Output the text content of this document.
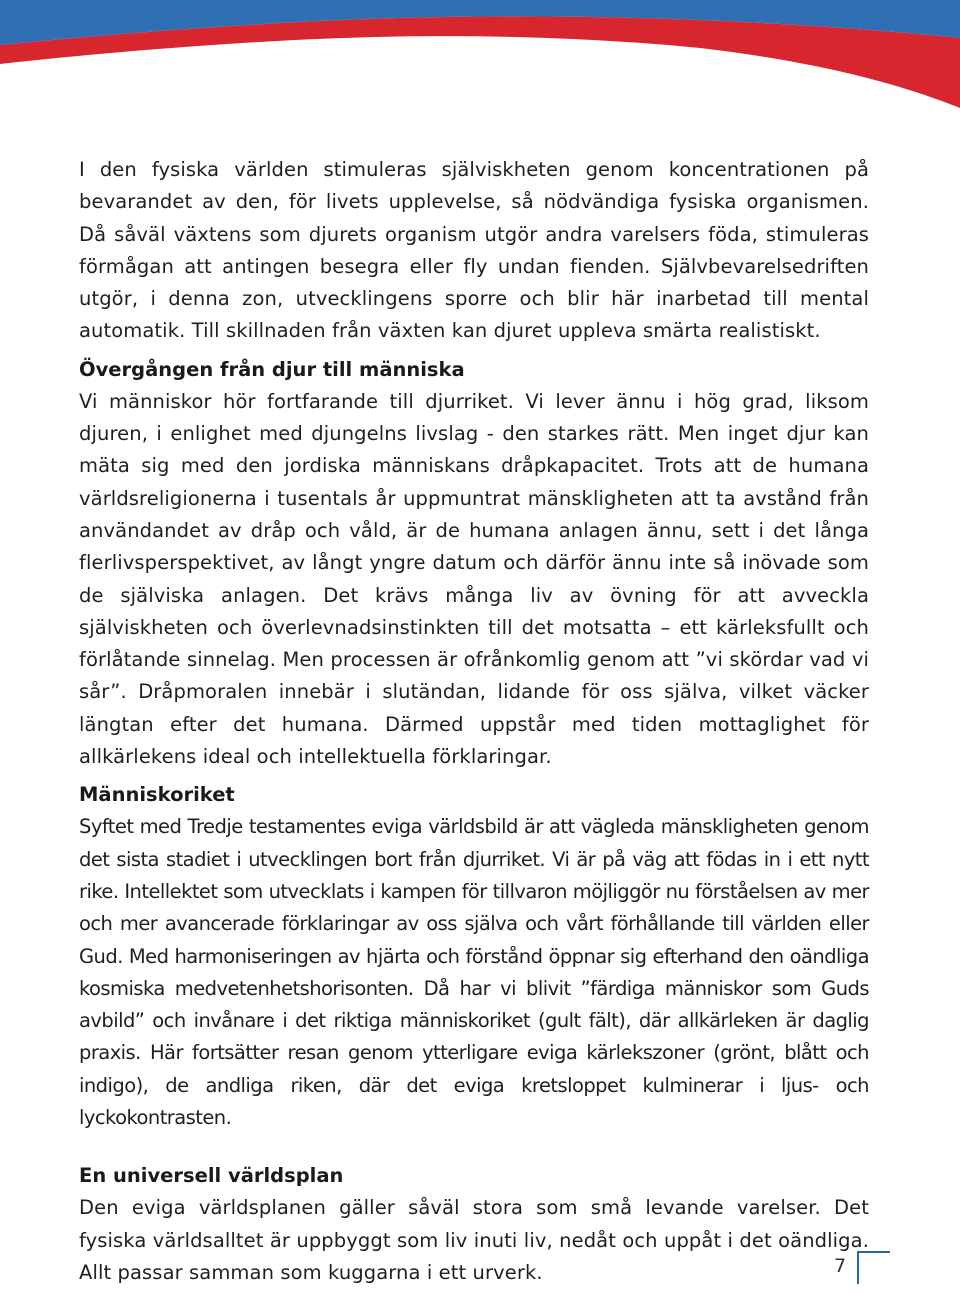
I den fysiska världen stimuleras själviskheten genom koncentrationen på bevarandet av den, för livets upplevelse, så nödvändiga fysiska organismen. Då såväl växtens som djurets organism utgör andra varelsers föda, stimuleras förmågan att antingen besegra eller fly undan fienden. Självbevarelsedriften utgör, i denna zon, utvecklingens sporre och blir här inarbetad till mental automatik. Till skillnaden från växten kan djuret uppleva smärta realistiskt.

Övergången från djur till människa

Vi människor hör fortfarande till djurriket. Vi lever ännu i hög grad, liksom djuren, i enlighet med djungelns livslag - den starkes rätt. Men inget djur kan mäta sig med den jordiska människans dråpkapacitet. Trots att de humana världsreligionerna i tusentals år uppmuntrat mänskligheten att ta avstånd från användandet av dråp och våld, är de humana anlagen ännu, sett i det långa flerlivsperspektivet, av långt yngre datum och därför ännu inte så inövade som de själviska anlagen. Det krävs många liv av övning för att avveckla själviskheten och överlevnadsinstinkten till det motsatta – ett kärleksfullt och förlåtande sinnelag. Men processen är ofrånkomlig genom att ”vi skördar vad vi sår”. Dråpmoralen innebär i slutändan, lidande för oss själva, vilket väcker längtan efter det humana. Därmed uppstår med tiden mottaglighet för allkärlekens ideal och intellektuella förklaringar.

Människoriket

Syftet med Tredje testamentes eviga världsbild är att vägleda mänskligheten genom det sista stadiet i utvecklingen bort från djurriket. Vi är på väg att födas in i ett nytt rike. Intellektet som utvecklats i kampen för tillvaron möjliggör nu förståelsen av mer och mer avancerade förklaringar av oss själva och vårt förhållande till världen eller Gud. Med harmoniseringen av hjärta och förstånd öppnar sig efterhand den oändliga kosmiska medvetenhetshorisonten. Då har vi blivit ”färdiga människor som Guds avbild” och invånare i det riktiga människoriket (gult fält), där allkärleken är daglig praxis. Här fortsätter resan genom ytterligare eviga kärlekszoner (grönt, blått och indigo), de andliga riken, där det eviga kretsloppet kulminerar i ljus- och lyckokontrasten.

En universell världsplan

Den eviga världsplanen gäller såväl stora som små levande varelser. Det fysiska världsalltet är uppbyggt som liv inuti liv, nedåt och uppåt i det oändliga. Allt passar samman som kuggarna i ett urverk.	7
